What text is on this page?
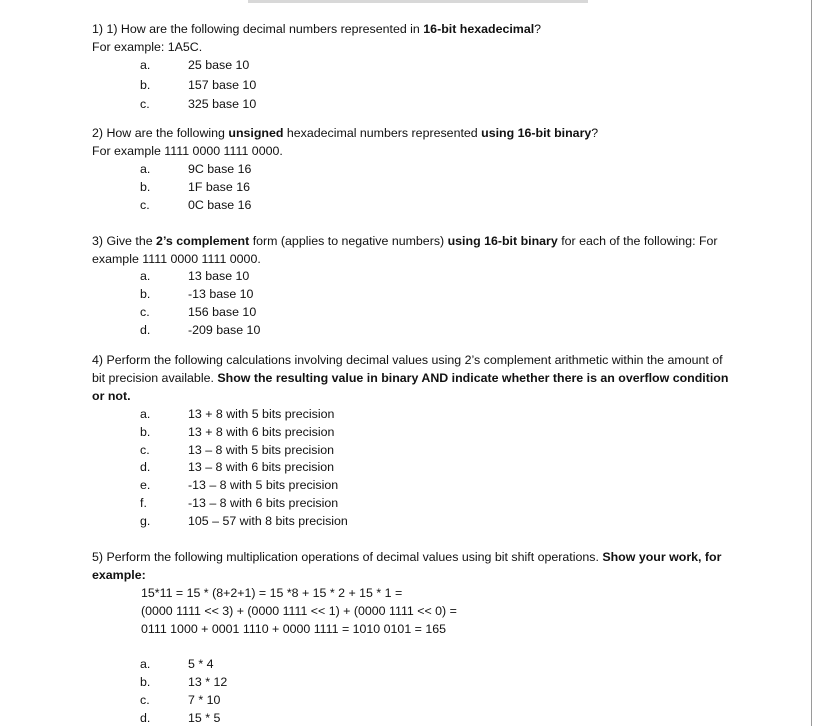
1) 1) How are the following decimal numbers represented in 16-bit hexadecimal?
For example: 1A5C.
a.	25 base 10
b.	157 base 10
c.	325 base 10
2) How are the following unsigned hexadecimal numbers represented using 16-bit binary?
For example 1111 0000 1111 0000.
a.	9C base 16
b.	1F base 16
c.	0C base 16
3) Give the 2’s complement form (applies to negative numbers) using 16-bit binary for each of the following: For example 1111 0000 1111 0000.
a.	13 base 10
b.	-13 base 10
c.	156 base 10
d.	-209 base 10
4) Perform the following calculations involving decimal values using 2’s complement arithmetic within the amount of bit precision available. Show the resulting value in binary AND indicate whether there is an overflow condition or not.
a.	13 + 8 with 5 bits precision
b.	13 + 8 with 6 bits precision
c.	13 – 8 with 5 bits precision
d.	13 – 8 with 6 bits precision
e.	-13 – 8 with 5 bits precision
f.	-13 – 8 with 6 bits precision
g.	105 – 57 with 8 bits precision
5) Perform the following multiplication operations of decimal values using bit shift operations. Show your work, for example:
15*11 = 15 * (8+2+1) = 15 *8 + 15 * 2 + 15 * 1 =
(0000 1111 << 3) + (0000 1111 << 1) + (0000 1111 << 0) =
0111 1000 + 0001 1110 + 0000 1111 = 1010 0101 = 165
a.	5 * 4
b.	13 * 12
c.	7 * 10
d.	15 * 5
